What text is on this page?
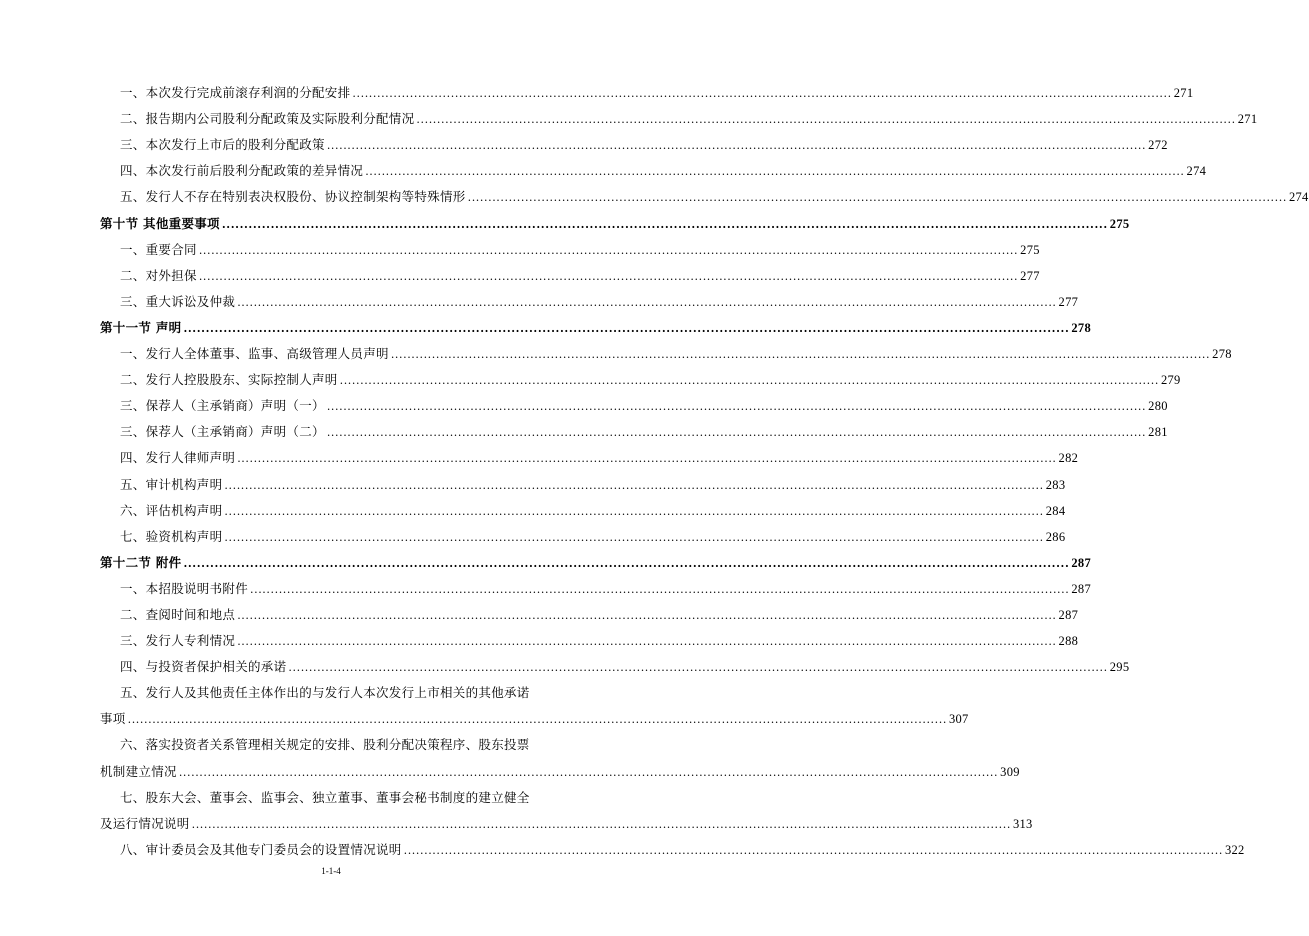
一、本次发行完成前滚存利润的分配安排 ........................................................................................................................................................................................................ 271
二、报告期内公司股利分配政策及实际股利分配情况 ........................................................................................................................................................................................................ 271
三、本次发行上市后的股利分配政策 ........................................................................................................................................................................................................ 272
四、本次发行前后股利分配政策的差异情况 ........................................................................................................................................................................................................ 274
五、发行人不存在特别表决权股份、协议控制架构等特殊情形 ........................................................................................................................................................................................................ 274
第十节 其他重要事项 ........................................................................................................................................................................................................ 275
一、重要合同 ........................................................................................................................................................................................................ 275
二、对外担保 ........................................................................................................................................................................................................ 277
三、重大诉讼及仲裁 ........................................................................................................................................................................................................ 277
第十一节 声明 ........................................................................................................................................................................................................ 278
一、发行人全体董事、监事、高级管理人员声明 ........................................................................................................................................................................................................ 278
二、发行人控股股东、实际控制人声明 ........................................................................................................................................................................................................ 279
三、保荐人（主承销商）声明（一） ........................................................................................................................................................................................................ 280
三、保荐人（主承销商）声明（二） ........................................................................................................................................................................................................ 281
四、发行人律师声明 ........................................................................................................................................................................................................ 282
五、审计机构声明 ........................................................................................................................................................................................................ 283
六、评估机构声明 ........................................................................................................................................................................................................ 284
七、验资机构声明 ........................................................................................................................................................................................................ 286
第十二节 附件 ........................................................................................................................................................................................................ 287
一、本招股说明书附件 ........................................................................................................................................................................................................ 287
二、查阅时间和地点 ........................................................................................................................................................................................................ 287
三、发行人专利情况 ........................................................................................................................................................................................................ 288
四、与投资者保护相关的承诺 ........................................................................................................................................................................................................ 295
五、发行人及其他责任主体作出的与发行人本次发行上市相关的其他承诺
事项 ........................................................................................................................................................................................................ 307
六、落实投资者关系管理相关规定的安排、股利分配决策程序、股东投票
机制建立情况 ........................................................................................................................................................................................................ 309
七、股东大会、董事会、监事会、独立董事、董事会秘书制度的建立健全
及运行情况说明 ........................................................................................................................................................................................................ 313
八、审计委员会及其他专门委员会的设置情况说明 ........................................................................................................................................................................................................ 322
1-1-4
